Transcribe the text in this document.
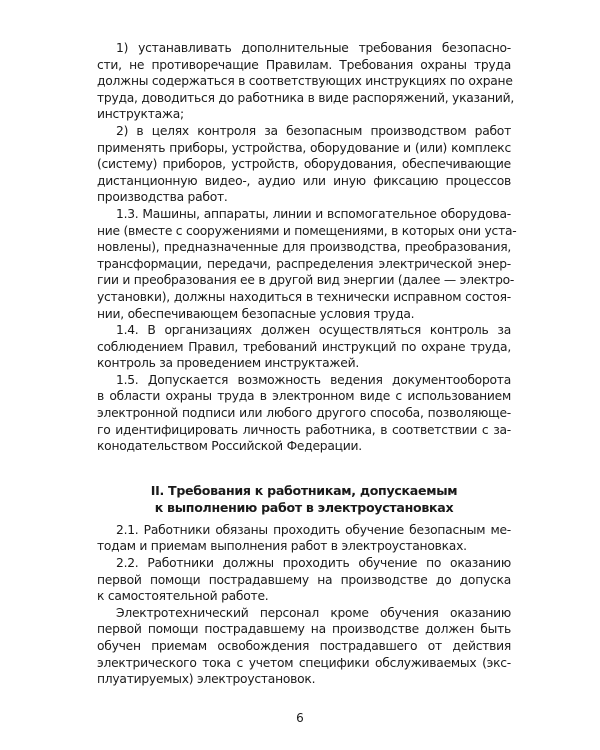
1) устанавливать дополнительные требования безопасно-
сти, не противоречащие Правилам. Требования охраны труда
должны содержаться в соответствующих инструкциях по охране
труда, доводиться до работника в виде распоряжений, указаний,
инструктажа;
2) в целях контроля за безопасным производством работ
применять приборы, устройства, оборудование и (или) комплекс
(систему) приборов, устройств, оборудования, обеспечивающие
дистанционную видео-, аудио или иную фиксацию процессов
производства работ.
1.3. Машины, аппараты, линии и вспомогательное оборудова-
ние (вместе с сооружениями и помещениями, в которых они уста-
новлены), предназначенные для производства, преобразования,
трансформации, передачи, распределения электрической энер-
гии и преобразования ее в другой вид энергии (далее — электро-
установки), должны находиться в технически исправном состоя-
нии, обеспечивающем безопасные условия труда.
1.4. В организациях должен осуществляться контроль за
соблюдением Правил, требований инструкций по охране труда,
контроль за проведением инструктажей.
1.5. Допускается возможность ведения документооборота
в области охраны труда в электронном виде с использованием
электронной подписи или любого другого способа, позволяюще-
го идентифицировать личность работника, в соответствии с за-
конодательством Российской Федерации.
II. Требования к работникам, допускаемым
к выполнению работ в электроустановках
2.1. Работники обязаны проходить обучение безопасным ме-
тодам и приемам выполнения работ в электроустановках.
2.2. Работники должны проходить обучение по оказанию
первой помощи пострадавшему на производстве до допуска
к самостоятельной работе.
Электротехнический персонал кроме обучения оказанию
первой помощи пострадавшему на производстве должен быть
обучен приемам освобождения пострадавшего от действия
электрического тока с учетом специфики обслуживаемых (экс-
плуатируемых) электроустановок.
6
